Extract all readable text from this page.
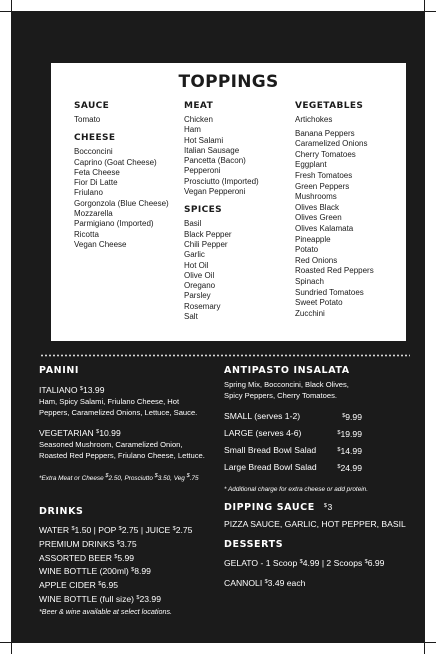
TOPPINGS
SAUCE
Tomato
CHEESE
Bocconcini
Caprino (Goat Cheese)
Feta Cheese
Fior Di Latte
Friulano
Gorgonzola (Blue Cheese)
Mozzarella
Parmigiano (Imported)
Ricotta
Vegan Cheese
MEAT
Chicken
Ham
Hot Salami
Italian Sausage
Pancetta (Bacon)
Pepperoni
Prosciutto (Imported)
Vegan Pepperoni
SPICES
Basil
Black Pepper
Chili Pepper
Garlic
Hot Oil
Olive Oil
Oregano
Parsley
Rosemary
Salt
VEGETABLES
Artichokes
Banana Peppers
Caramelized Onions
Cherry Tomatoes
Eggplant
Fresh Tomatoes
Green Peppers
Mushrooms
Olives Black
Olives Green
Olives Kalamata
Pineapple
Potato
Red Onions
Roasted Red Peppers
Spinach
Sundried Tomatoes
Sweet Potato
Zucchini
PANINI
ITALIANO $13.99
Ham, Spicy Salami, Friulano Cheese, Hot
Peppers, Caramelized Onions, Lettuce, Sauce.
VEGETARIAN $10.99
Seasoned Mushroom, Caramelized Onion,
Roasted Red Peppers, Friulano Cheese, Lettuce.
*Extra Meat or Cheese $2.50, Prosciutto $3.50, Veg $.75
DRINKS
WATER $1.50 | POP $2.75 | JUICE $2.75
PREMIUM DRINKS $3.75
ASSORTED BEER $5.99
WINE BOTTLE (200ml) $8.99
APPLE CIDER $6.95
WINE BOTTLE (full size) $23.99
*Beer & wine available at select locations.
ANTIPASTO INSALATA
Spring Mix, Bocconcini, Black Olives,
Spicy Peppers, Cherry Tomatoes.
SMALL (serves 1-2)	$9.99
LARGE (serves 4-6)	$19.99
Small Bread Bowl Salad	$14.99
Large Bread Bowl Salad	$24.99
* Additional charge for extra cheese or add protein.
DIPPING SAUCE $3
PIZZA SAUCE, GARLIC, HOT PEPPER, BASIL
DESSERTS
GELATO - 1 Scoop $4.99 | 2 Scoops $6.99
CANNOLI $3.49 each
